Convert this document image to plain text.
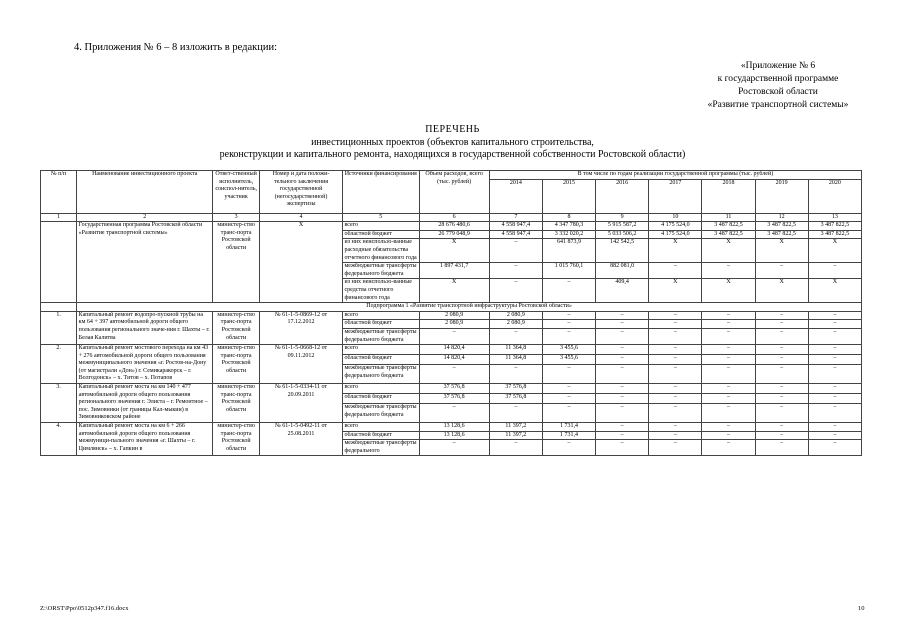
4. Приложения № 6 – 8 изложить в редакции:
«Приложение № 6
к государственной программе
Ростовской области
«Развитие транспортной системы»
ПЕРЕЧЕНЬ
инвестиционных проектов (объектов капитального строительства,
реконструкции и капитального ремонта, находящихся в государственной собственности Ростовской области)
№ п/п	Наименование инвестиционного проекта	Ответ-ственный исполнитель, соиспол-нитель, участник	Номер и дата положи-тельного заключения государственной (негосударственной) экспертизы	Источники финансирования	Объем расходов, всего (тыс. рублей)	В том числе по годам реализации государственной программы (тыс. рублей)						
						2014	2015	2016	2017	2018	2019	2020
1	2	3	4	5	6	7	8	9	10	11	12	13
	Государственная программа Ростовской области «Развитие транспортной системы»	министер-ство транс-порта Ростовской области	X	всего	28 676 480,6	4 558 947,4	4 347 780,3	5 915 587,2	4 175 524,0	3 487 822,5	3 487 822,5	3 487 822,5
				областной бюджет	26 779 048,9	4 558 947,4	3 332 020,2	5 033 506,2	4 175 524,0	3 487 822,5	3 487 822,5	3 487 822,5
				из них неиспользо-ванные расходные обязательства отчетного финансового года	X	–	641 873,9	142 542,5	X	X	X	X
				межбюджетные трансферты федерального бюджета	1 897 431,7	–	1 015 760,1	882 081,0	–	–	–	–
				из них неиспользо-ванные средства отчетного финансового года	X	–	–	409,4	X	X	X	X
	Подпрограмма 1 «Развитие транспортной инфраструктуры Ростовской области»											
1.	Капитальный ремонт водопро-пускной трубы на км 64 + 397 автомобильной дороги общего пользования регионального значе-ния г. Шахты – г. Белая Калитва	министер-ство транс-порта Ростовской области	№ 61-1-5-0869-12 от 17.12.2012	всего	2 080,9	2 080,9	–	–	–	–	–	–
				областной бюджет	2 080,9	2 080,9	–	–	–	–	–	–
				межбюджетные трансферты федерального бюджета	–	–	–	–	–	–	–	–
2.	Капитальный ремонт мостового перехода на км 43 + 276 автомобильной дороги общего пользования межмуниципального значения «г. Ростов-на-Дону (от магистрали «Дон») г. Семикаракорск – г. Волгодонск» – х. Титов – х. Потапов	министер-ство транс-порта Ростовской области	№ 61-1-5-0668-12 от 09.11.2012	всего	14 820,4	11 364,8	3 455,6	–	–	–	–	–
				областной бюджет	14 820,4	11 364,8	3 455,6	–	–	–	–	–
				межбюджетные трансферты федерального бюджета	–	–	–	–	–	–	–	–
3.	Капитальный ремонт моста на км 140 + 477 автомобильной дороги общего пользования регионального значения г. Элиста – г. Ремонтное – пос. Зимовники (от границы Кал-мыкии) в Зимовниковском районе	министер-ство транс-порта Ростовской области	№ 61-1-5-0334-11 от 20.09.2011	всего	37 576,8	37 576,8	–	–	–	–	–	–
				областной бюджет	37 576,8	37 576,8	–	–	–	–	–	–
				межбюджетные трансферты федерального бюджета	–	–	–	–	–	–	–	–
4.	Капитальный ремонт моста на км 6 + 266 автомобильной дороги общего пользования межмуници-пального значения «г. Шахты – г. Цимлянск» – х. Гапкин в	министер-ство транс-порта Ростовской области	№ 61-1-5-0492-11 от 25.08.2011	всего	13 128,6	11 397,2	1 731,4	–	–	–	–	–
				областной бюджет	13 128,6	11 397,2	1 731,4	–	–	–	–	–
				межбюджетные трансферты федерального	–	–	–	–	–	–	–	–
Z:\ORST\Ppo\0512p347.f16.docx	10
